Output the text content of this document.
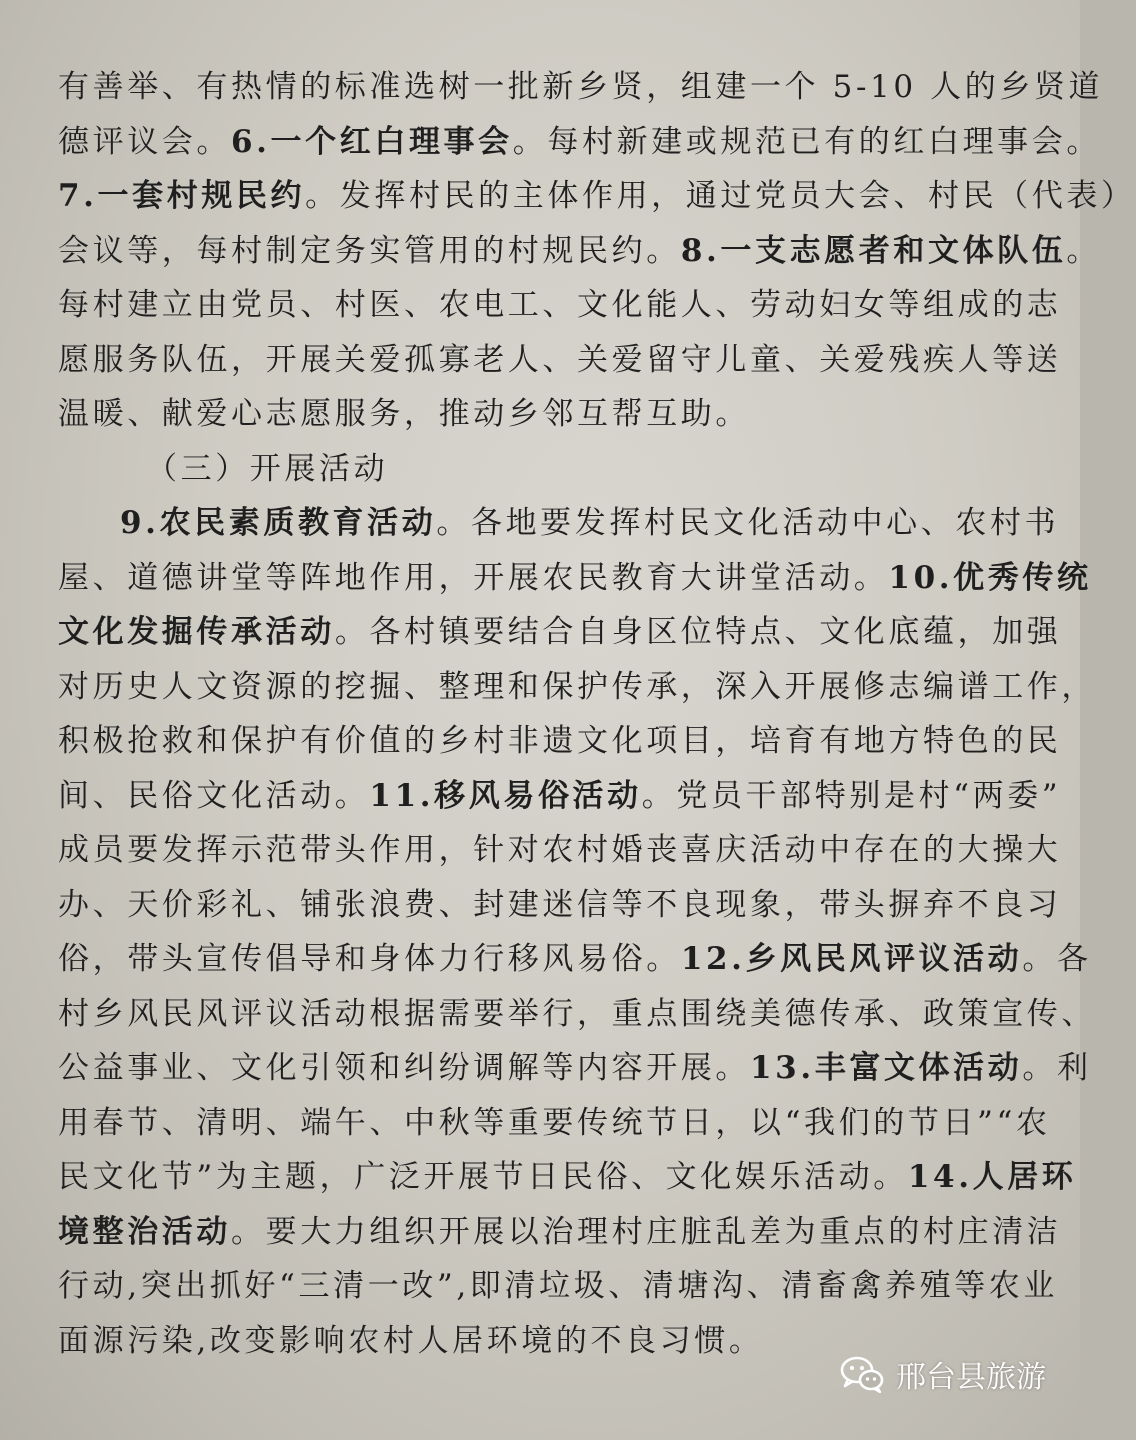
有善举、有热情的标准选树一批新乡贤，组建一个 5-10 人的乡贤道
德评议会。6.一个红白理事会。每村新建或规范已有的红白理事会。
7.一套村规民约。发挥村民的主体作用，通过党员大会、村民（代表）
会议等，每村制定务实管用的村规民约。8.一支志愿者和文体队伍。
每村建立由党员、村医、农电工、文化能人、劳动妇女等组成的志
愿服务队伍，开展关爱孤寡老人、关爱留守儿童、关爱残疾人等送
温暖、献爱心志愿服务，推动乡邻互帮互助。
（三）开展活动
9.农民素质教育活动。各地要发挥村民文化活动中心、农村书
屋、道德讲堂等阵地作用，开展农民教育大讲堂活动。10.优秀传统
文化发掘传承活动。各村镇要结合自身区位特点、文化底蕴，加强
对历史人文资源的挖掘、整理和保护传承，深入开展修志编谱工作，
积极抢救和保护有价值的乡村非遗文化项目，培育有地方特色的民
间、民俗文化活动。11.移风易俗活动。党员干部特别是村“两委”
成员要发挥示范带头作用，针对农村婚丧喜庆活动中存在的大操大
办、天价彩礼、铺张浪费、封建迷信等不良现象，带头摒弃不良习
俗，带头宣传倡导和身体力行移风易俗。12.乡风民风评议活动。各
村乡风民风评议活动根据需要举行，重点围绕美德传承、政策宣传、
公益事业、文化引领和纠纷调解等内容开展。13.丰富文体活动。利
用春节、清明、端午、中秋等重要传统节日，以“我们的节日”“农
民文化节”为主题，广泛开展节日民俗、文化娱乐活动。14.人居环
境整治活动。要大力组织开展以治理村庄脏乱差为重点的村庄清洁
行动,突出抓好“三清一改”,即清垃圾、清塘沟、清畜禽养殖等农业
面源污染,改变影响农村人居环境的不良习惯。
邢台县旅游
